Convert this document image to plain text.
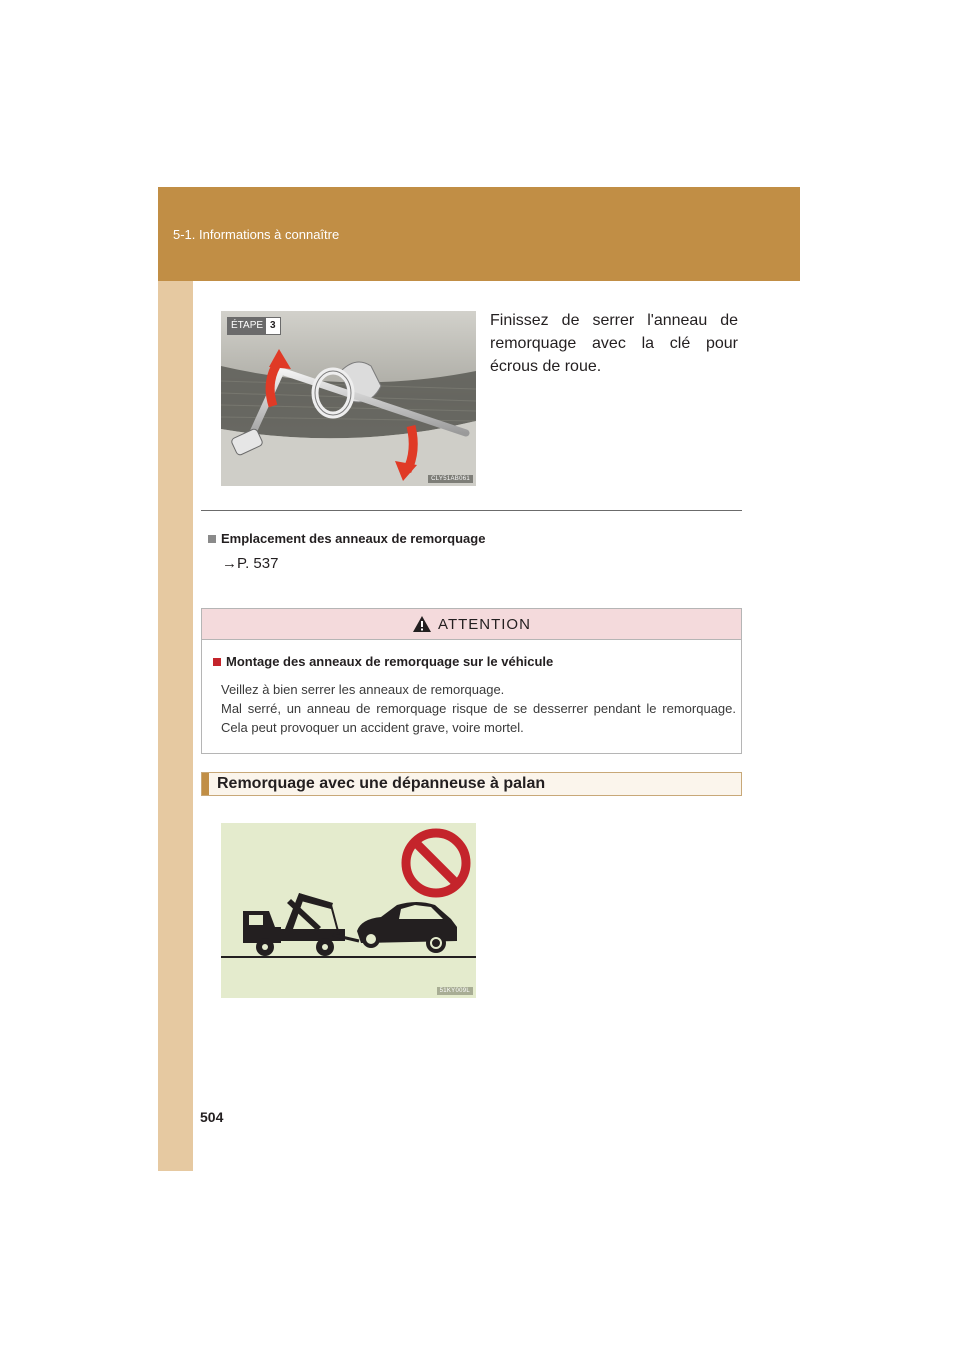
5-1. Informations à connaître
ÉTAPE 3
CLY51AB061
Finissez de serrer l'anneau de remorquage avec la clé pour écrous de roue.
Emplacement des anneaux de remorquage
→P. 537
ATTENTION
Montage des anneaux de remorquage sur le véhicule

Veillez à bien serrer les anneaux de remorquage.

Mal serré, un anneau de remorquage risque de se desserrer pendant le remorquage. Cela peut provoquer un accident grave, voire mortel.

Remorquage avec une dépanneuse à palan
51KY009L
504
